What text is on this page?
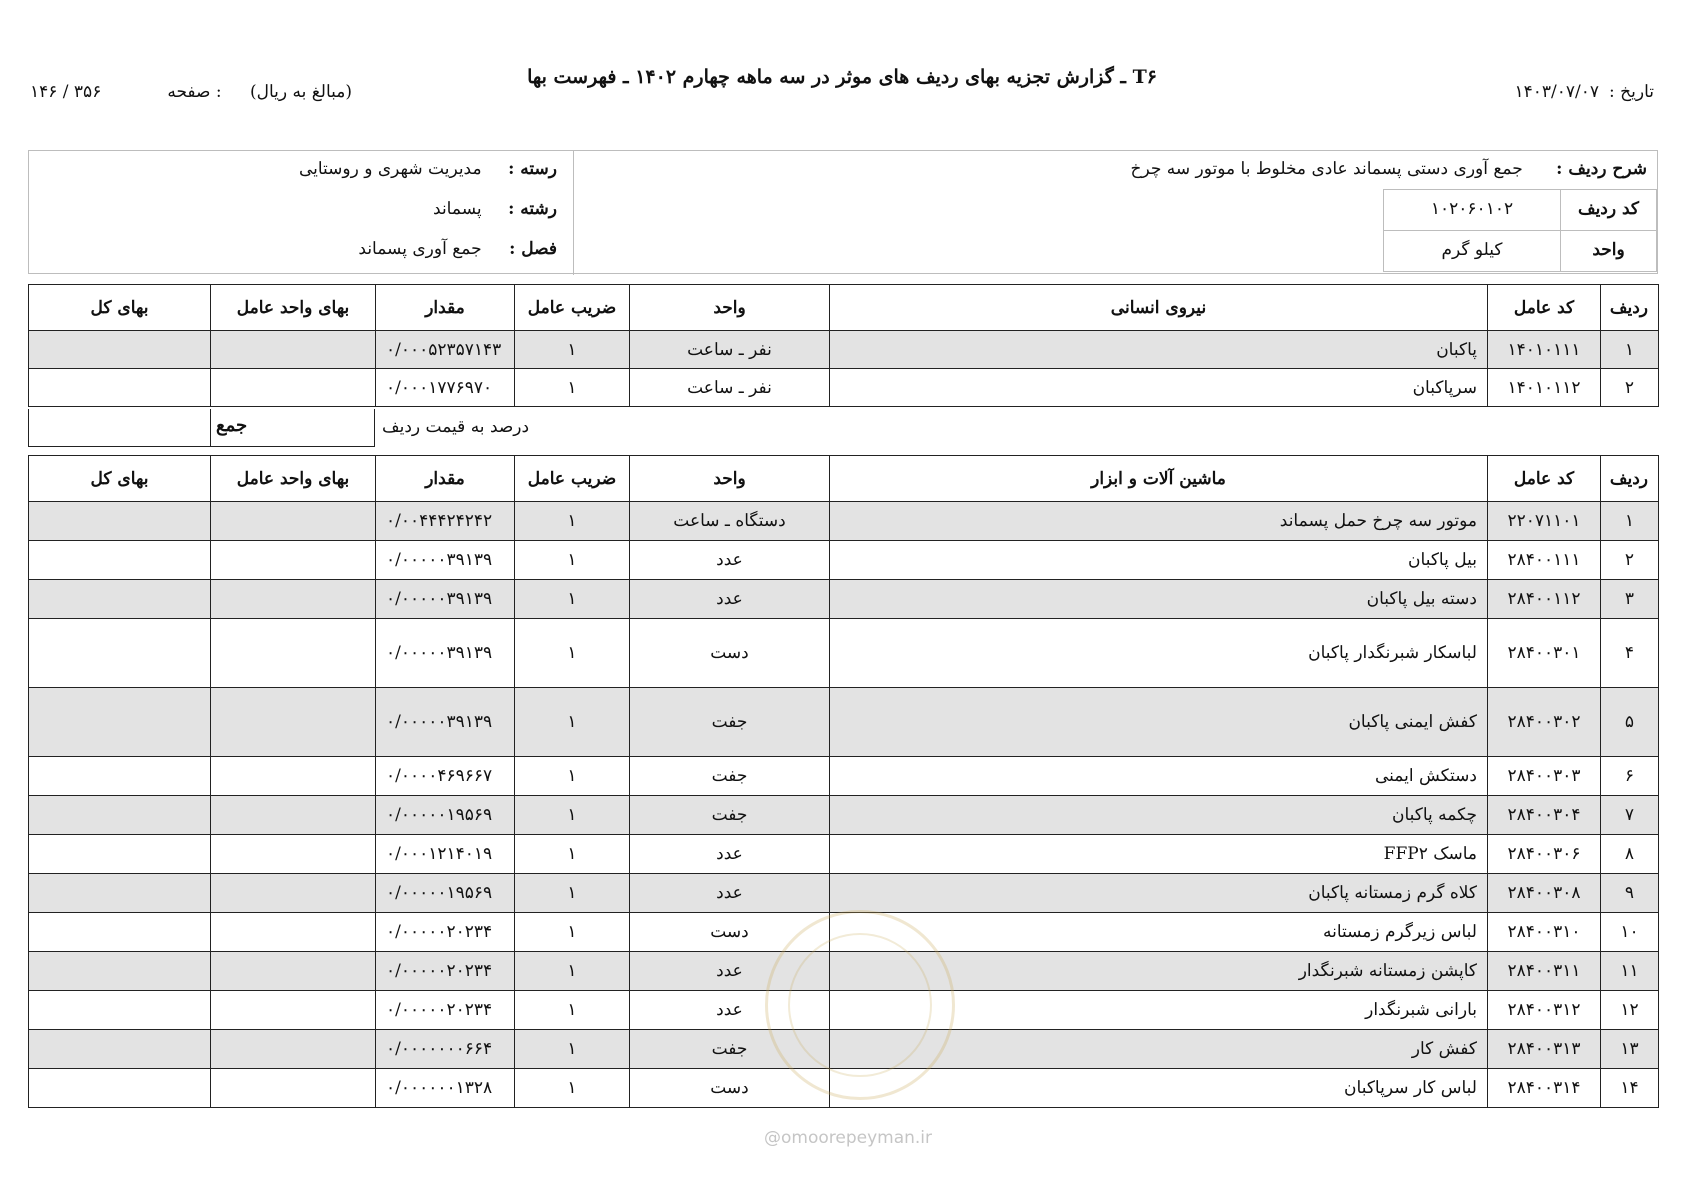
T۶ ـ گزارش تجزیه بهای ردیف های موثر در سه ماهه چهارم ۱۴۰۲ ـ فهرست بها
تاریخ :۱۴۰۳/۰۷/۰۷
(مبالغ به ریال)
۱۴۶ / ۳۵۶	صفحه :
شرح ردیف : جمع آوری دستی پسماند عادی مخلوط با موتور سه چرخ
کد ردیف
۱۰۲۰۶۰۱۰۲
واحد
کیلو گرم
رسته : مدیریت شهری و روستایی
رشته : پسماند
فصل : جمع آوری پسماند
ردیف	کد عامل	نیروی انسانی	واحد	ضریب عامل	مقدار	بهای واحد عامل	بهای کل
۱	۱۴۰۱۰۱۱۱	پاکبان	نفر ـ ساعت	۱	۰/۰۰۰۵۲۳۵۷۱۴۳		
۲	۱۴۰۱۰۱۱۲	سرپاکبان	نفر ـ ساعت	۱	۰/۰۰۰۱۷۷۶۹۷۰		
جمع	درصد به قیمت ردیف
ردیف	کد عامل	ماشین آلات و ابزار	واحد	ضریب عامل	مقدار	بهای واحد عامل	بهای کل
۱	۲۲۰۷۱۱۰۱	موتور سه چرخ حمل پسماند	دستگاه ـ ساعت	۱	۰/۰۰۴۴۴۲۴۲۴۲		
۲	۲۸۴۰۰۱۱۱	بیل پاکبان	عدد	۱	۰/۰۰۰۰۰۳۹۱۳۹		
۳	۲۸۴۰۰۱۱۲	دسته بیل پاکبان	عدد	۱	۰/۰۰۰۰۰۳۹۱۳۹		
۴	۲۸۴۰۰۳۰۱	لباسکار شبرنگدار پاکبان	دست	۱	۰/۰۰۰۰۰۳۹۱۳۹		
۵	۲۸۴۰۰۳۰۲	کفش ایمنی پاکبان	جفت	۱	۰/۰۰۰۰۰۳۹۱۳۹		
۶	۲۸۴۰۰۳۰۳	دستکش ایمنی	جفت	۱	۰/۰۰۰۰۴۶۹۶۶۷		
۷	۲۸۴۰۰۳۰۴	چکمه پاکبان	جفت	۱	۰/۰۰۰۰۰۱۹۵۶۹		
۸	۲۸۴۰۰۳۰۶	ماسک FFP۲	عدد	۱	۰/۰۰۰۱۲۱۴۰۱۹		
۹	۲۸۴۰۰۳۰۸	کلاه گرم زمستانه پاکبان	عدد	۱	۰/۰۰۰۰۰۱۹۵۶۹		
۱۰	۲۸۴۰۰۳۱۰	لباس زیرگرم زمستانه	دست	۱	۰/۰۰۰۰۰۲۰۲۳۴		
۱۱	۲۸۴۰۰۳۱۱	کاپشن زمستانه شبرنگدار	عدد	۱	۰/۰۰۰۰۰۲۰۲۳۴		
۱۲	۲۸۴۰۰۳۱۲	بارانی شبرنگدار	عدد	۱	۰/۰۰۰۰۰۲۰۲۳۴		
۱۳	۲۸۴۰۰۳۱۳	کفش کار	جفت	۱	۰/۰۰۰۰۰۰۰۶۶۴		
۱۴	۲۸۴۰۰۳۱۴	لباس کار سرپاکبان	دست	۱	۰/۰۰۰۰۰۰۱۳۲۸		
@omoorepeyman.ir
